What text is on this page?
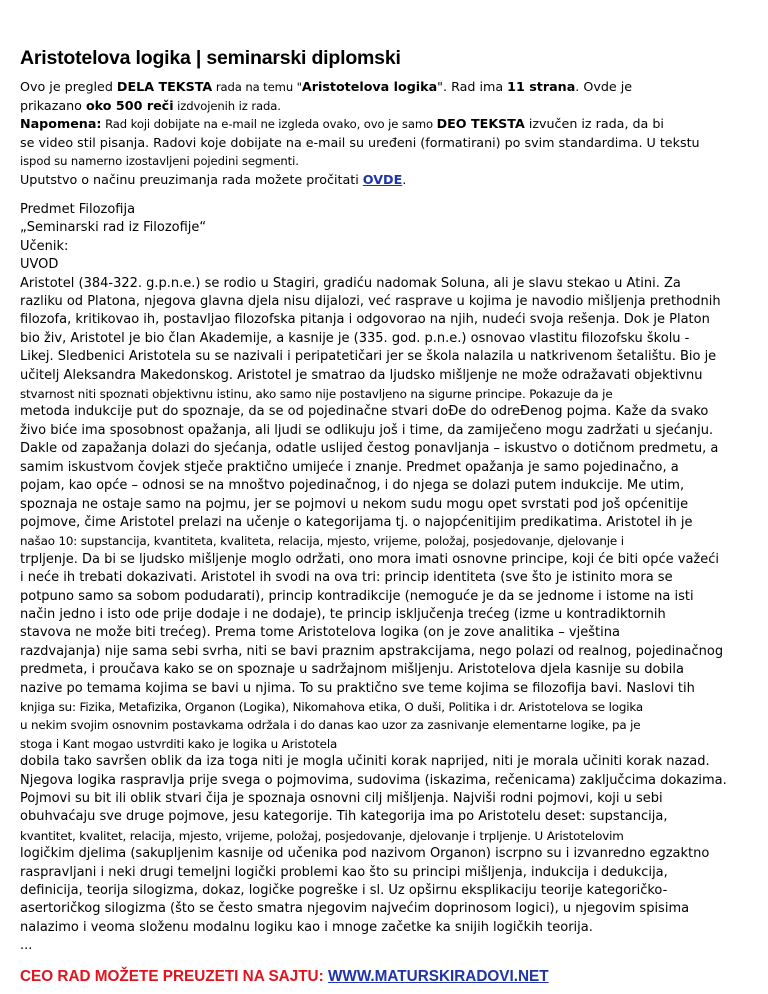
Aristotelova logika | seminarski diplomski
Ovo je pregled DELA TEKSTA rada na temu "Aristotelova logika". Rad ima 11 strana. Ovde je
prikazano oko 500 reči izdvojenih iz rada.
Napomena: Rad koji dobijate na e-mail ne izgleda ovako, ovo je samo DEO TEKSTA izvučen iz rada, da bi
se video stil pisanja. Radovi koje dobijate na e-mail su uređeni (formatirani) po svim standardima. U tekstu
ispod su namerno izostavljeni pojedini segmenti.
Uputstvo o načinu preuzimanja rada možete pročitati OVDE.
Predmet Filozofija
„Seminarski rad iz Filozofije“
Učenik:
UVOD
Aristotel (384-322. g.p.n.e.) se rodio u Stagiri, gradiću nadomak Soluna, ali je slavu stekao u Atini. Za
razliku od Platona, njegova glavna djela nisu dijalozi, već rasprave u kojima je navodio mišljenja prethodnih
filozofa, kritikovao ih, postavljao filozofska pitanja i odgovorao na njih, nudeći svoja rešenja. Dok je Platon
bio živ, Aristotel je bio član Akademije, a kasnije je (335. god. p.n.e.) osnovao vlastitu filozofsku školu -
Likej. Sledbenici Aristotela su se nazivali i peripatetičari jer se škola nalazila u natkrivenom šetalištu. Bio je
učitelj Aleksandra Makedonskog. Aristotel je smatrao da ljudsko mišljenje ne može odražavati objektivnu
stvarnost niti spoznati objektivnu istinu, ako samo nije postavljeno na sigurne principe. Pokazuje da je
metoda indukcije put do spoznaje, da se od pojedinačne stvari doĐe do odreĐenog pojma. Kaže da svako
živo biće ima sposobnost opažanja, ali ljudi se odlikuju još i time, da zamiječeno mogu zadržati u sjećanju.
Dakle od zapažanja dolazi do sjećanja, odatle uslijed čestog ponavljanja – iskustvo o dotičnom predmetu, a
samim iskustvom čovjek stječe praktično umijeće i znanje. Predmet opažanja je samo pojedinačno, a
pojam, kao opće – odnosi se na mnoštvo pojedinačnog, i do njega se dolazi putem indukcije. Me utim,
spoznaja ne ostaje samo na pojmu, jer se pojmovi u nekom sudu mogu opet svrstati pod još općenitije
pojmove, čime Aristotel prelazi na učenje o kategorijama tj. o najopćenitijim predikatima. Aristotel ih je
našao 10: supstancija, kvantiteta, kvaliteta, relacija, mjesto, vrijeme, položaj, posjedovanje, djelovanje i
trpljenje. Da bi se ljudsko mišljenje moglo održati, ono mora imati osnovne principe, koji će biti opće važeći
i neće ih trebati dokazivati. Aristotel ih svodi na ova tri: princip identiteta (sve što je istinito mora se
potpuno samo sa sobom podudarati), princip kontradikcije (nemoguće je da se jednome i istome na isti
način jedno i isto ode prije dodaje i ne dodaje), te princip isključenja trećeg (izme u kontradiktornih
stavova ne može biti trećeg). Prema tome Aristotelova logika (on je zove analitika – vještina
razdvajanja) nije sama sebi svrha, niti se bavi praznim apstrakcijama, nego polazi od realnog, pojedinačnog
predmeta, i proučava kako se on spoznaje u sadržajnom mišljenju. Aristotelova djela kasnije su dobila
nazive po temama kojima se bavi u njima. To su praktično sve teme kojima se filozofija bavi. Naslovi tih
knjiga su: Fizika, Metafizika, Organon (Logika), Nikomahova etika, O duši, Politika i dr. Aristotelova se logika
u nekim svojim osnovnim postavkama održala i do danas kao uzor za zasnivanje elementarne logike, pa je
stoga i Kant mogao ustvrditi kako je logika u Aristotela
dobila tako savršen oblik da iza toga niti je mogla učiniti korak naprijed, niti je morala učiniti korak nazad.
Njegova logika raspravlja prije svega o pojmovima, sudovima (iskazima, rečenicama) zaključcima dokazima.
Pojmovi su bit ili oblik stvari čija je spoznaja osnovni cilj mišljenja. Najviši rodni pojmovi, koji u sebi
obuhvaćaju sve druge pojmove, jesu kategorije. Tih kategorija ima po Aristotelu deset: supstancija,
kvantitet, kvalitet, relacija, mjesto, vrijeme, položaj, posjedovanje, djelovanje i trpljenje. U Aristotelovim
logičkim djelima (sakupljenim kasnije od učenika pod nazivom Organon) iscrpno su i izvanredno egzaktno
raspravljani i neki drugi temeljni logički problemi kao što su principi mišljenja, indukcija i dedukcija,
definicija, teorija silogizma, dokaz, logičke pogreške i sl. Uz opširnu eksplikaciju teorije kategoričko-
asertoričkog silogizma (što se često smatra njegovim najvećim doprinosom logici), u njegovim spisima
nalazimo i veoma složenu modalnu logiku kao i mnoge začetke ka snijih logičkih teorija.
...
CEO RAD MOŽETE PREUZETI NA SAJTU: WWW.MATURSKIRADOVI.NET
